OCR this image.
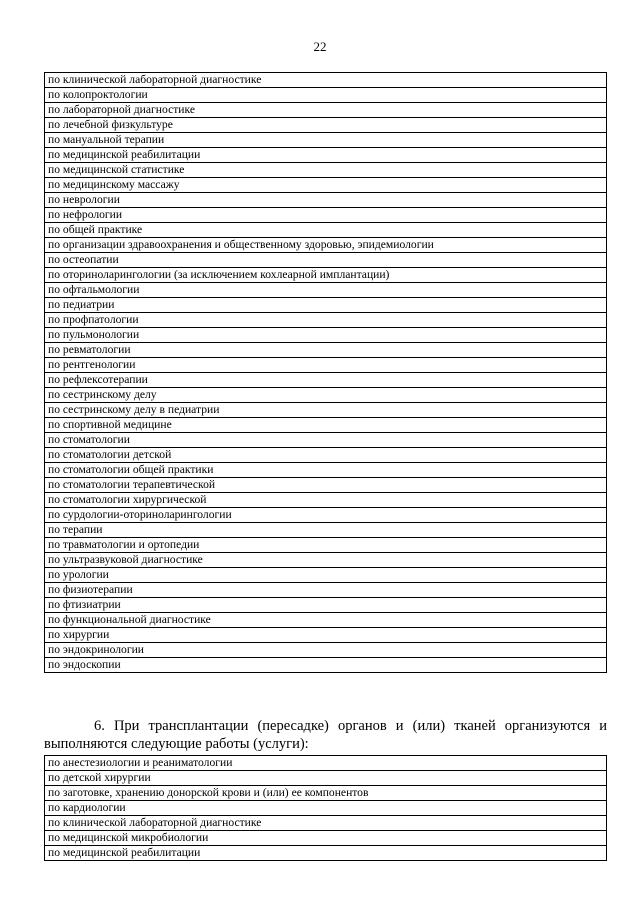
22
по клинической лабораторной диагностике
по колопроктологии
по лабораторной диагностике
по лечебной физкультуре
по мануальной терапии
по медицинской реабилитации
по медицинской статистике
по медицинскому массажу
по неврологии
по нефрологии
по общей практике
по организации здравоохранения и общественному здоровью, эпидемиологии
по остеопатии
по оториноларингологии (за исключением кохлеарной имплантации)
по офтальмологии
по педиатрии
по профпатологии
по пульмонологии
по ревматологии
по рентгенологии
по рефлексотерапии
по сестринскому делу
по сестринскому делу в педиатрии
по спортивной медицине
по стоматологии
по стоматологии детской
по стоматологии общей практики
по стоматологии терапевтической
по стоматологии хирургической
по сурдологии-оториноларингологии
по терапии
по травматологии и ортопедии
по ультразвуковой диагностике
по урологии
по физиотерапии
по фтизиатрии
по функциональной диагностике
по хирургии
по эндокринологии
по эндоскопии

6. При трансплантации (пересадке) органов и (или) тканей организуются и выполняются следующие работы (услуги):

по анестезиологии и реаниматологии
по детской хирургии
по заготовке, хранению донорской крови и (или) ее компонентов
по кардиологии
по клинической лабораторной диагностике
по медицинской микробиологии
по медицинской реабилитации
